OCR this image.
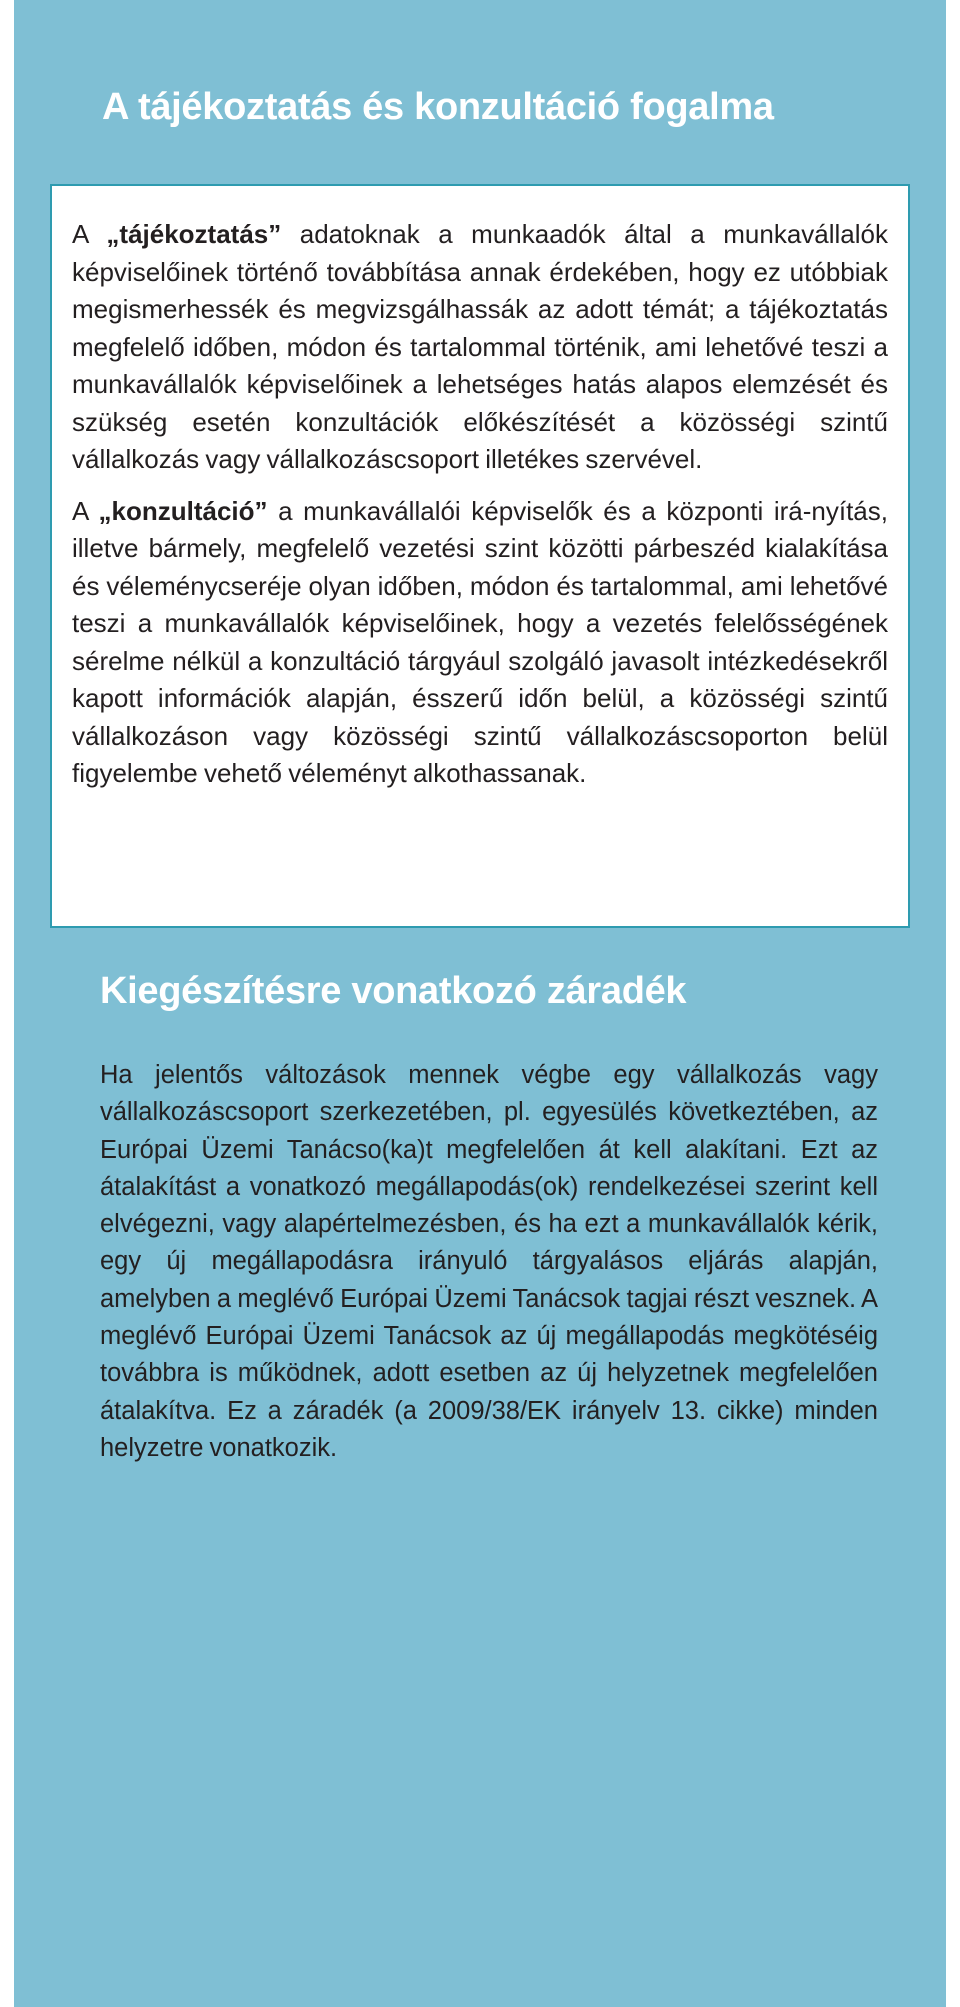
A tájékoztatás és konzultáció fogalma

A „tájékoztatás” adatoknak a munkaadók által a munkavállalók képviselőinek történő továbbítása annak érdekében, hogy ez utóbbiak megismerhessék és megvizsgálhassák az adott témát; a tájékoztatás megfelelő időben, módon és tartalommal történik, ami lehetővé teszi a munkavállalók képviselőinek a lehetséges hatás alapos elemzését és szükség esetén konzultációk előkészítését a közösségi szintű vállalkozás vagy vállalkozáscsoport illetékes szervével.

A „konzultáció” a munkavállalói képviselők és a központi irá-nyítás, illetve bármely, megfelelő vezetési szint közötti párbeszéd kialakítása és véleménycseréje olyan időben, módon és tartalommal, ami lehetővé teszi a munkavállalók képviselőinek, hogy a vezetés felelősségének sérelme nélkül a konzultáció tárgyául szolgáló javasolt intézkedésekről kapott információk alapján, ésszerű időn belül, a közösségi szintű vállalkozáson vagy közösségi szintű vállalkozáscsoporton belül figyelembe vehető véleményt alkothassanak.

Kiegészítésre vonatkozó záradék

Ha jelentős változások mennek végbe egy vállalkozás vagy vállalkozáscsoport szerkezetében, pl. egyesülés következtében, az Európai Üzemi Tanácso(ka)t megfelelően át kell alakítani. Ezt az átalakítást a vonatkozó megállapodás(ok) rendelkezései szerint kell elvégezni, vagy alapértelmezésben, és ha ezt a munkavállalók kérik, egy új megállapodásra irányuló tárgyalásos eljárás alapján, amelyben a meglévő Európai Üzemi Tanácsok tagjai részt vesznek. A meglévő Európai Üzemi Tanácsok az új megállapodás megkötéséig továbbra is működnek, adott esetben az új helyzetnek megfelelően átalakítva. Ez a záradék (a 2009/38/EK irányelv 13. cikke) minden helyzetre vonatkozik.
